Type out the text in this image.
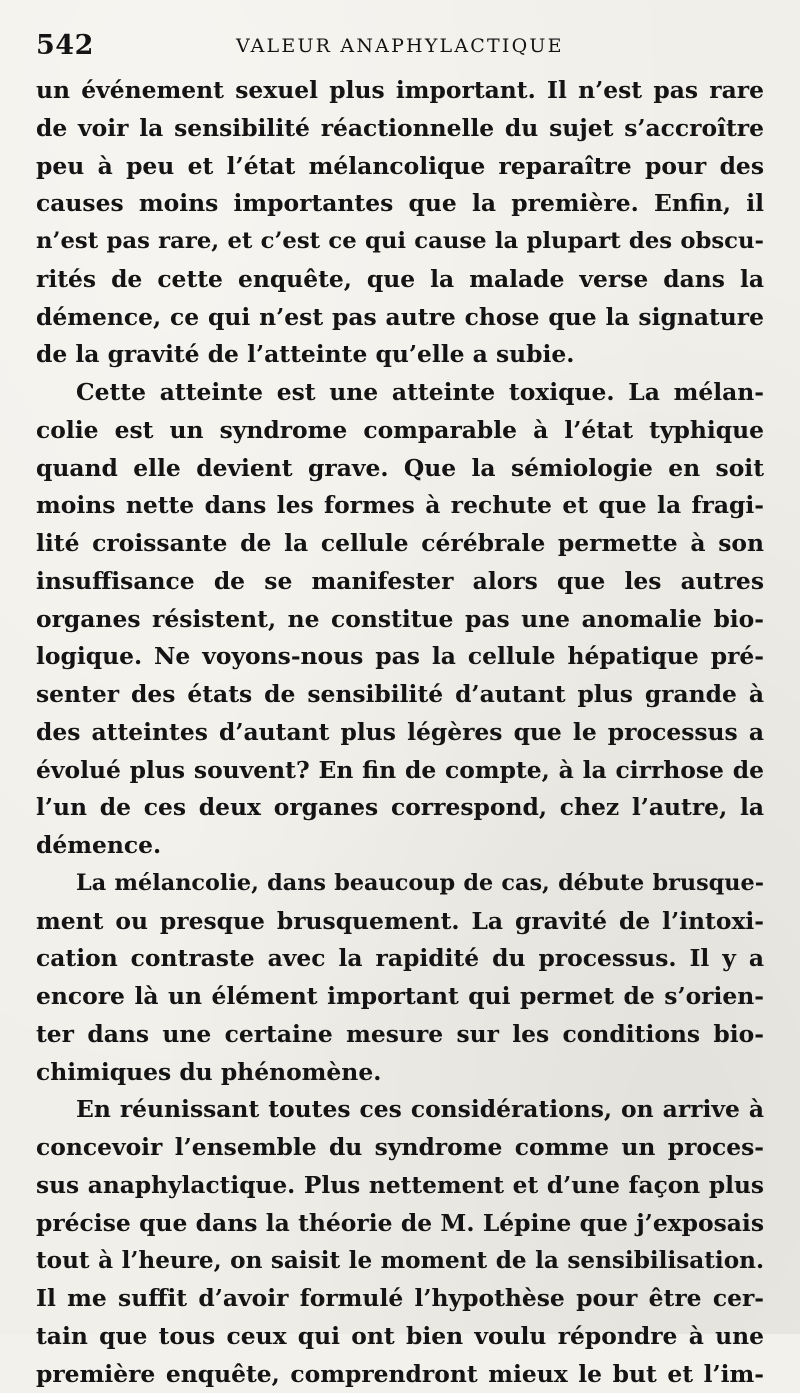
542	VALEUR ANAPHYLACTIQUE
un événement sexuel plus important. Il n’est pas rare
de voir la sensibilité réactionnelle du sujet s’accroître
peu à peu et l’état mélancolique reparaître pour des
causes moins importantes que la première. Enfin, il
n’est pas rare, et c’est ce qui cause la plupart des obscu-
rités de cette enquête, que la malade verse dans la
démence, ce qui n’est pas autre chose que la signature
de la gravité de l’atteinte qu’elle a subie.
Cette atteinte est une atteinte toxique. La mélan-
colie est un syndrome comparable à l’état typhique
quand elle devient grave. Que la sémiologie en soit
moins nette dans les formes à rechute et que la fragi-
lité croissante de la cellule cérébrale permette à son
insuffisance de se manifester alors que les autres
organes résistent, ne constitue pas une anomalie bio-
logique. Ne voyons-nous pas la cellule hépatique pré-
senter des états de sensibilité d’autant plus grande à
des atteintes d’autant plus légères que le processus a
évolué plus souvent? En fin de compte, à la cirrhose de
l’un de ces deux organes correspond, chez l’autre, la
démence.
La mélancolie, dans beaucoup de cas, débute brusque-
ment ou presque brusquement. La gravité de l’intoxi-
cation contraste avec la rapidité du processus. Il y a
encore là un élément important qui permet de s’orien-
ter dans une certaine mesure sur les conditions bio-
chimiques du phénomène.
En réunissant toutes ces considérations, on arrive à
concevoir l’ensemble du syndrome comme un proces-
sus anaphylactique. Plus nettement et d’une façon plus
précise que dans la théorie de M. Lépine que j’exposais
tout à l’heure, on saisit le moment de la sensibilisation.
Il me suffit d’avoir formulé l’hypothèse pour être cer-
tain que tous ceux qui ont bien voulu répondre à une
première enquête, comprendront mieux le but et l’im-
